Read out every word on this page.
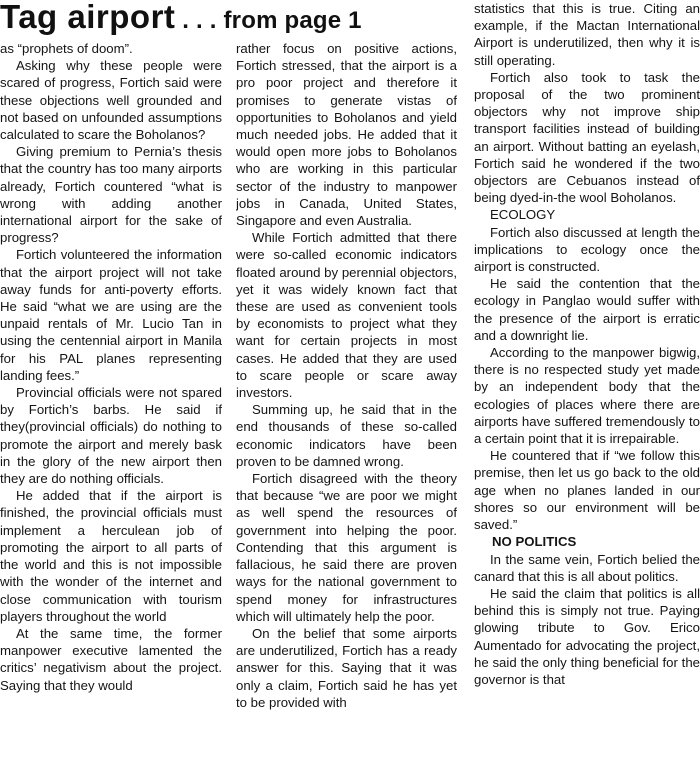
Tag airport . . . from page 1

as “prophets of doom”.

Asking why these people were scared of progress, Fortich said were these objections well grounded and not based on unfounded assumptions calculated to scare the Boholanos?

Giving premium to Pernia’s thesis that the country has too many airports already, Fortich countered “what is wrong with adding another international airport for the sake of progress?

Fortich volunteered the information that the airport project will not take away funds for anti-poverty efforts. He said “what we are using are the unpaid rentals of Mr. Lucio Tan in using the centennial airport in Manila for his PAL planes representing landing fees.”

Provincial officials were not spared by Fortich’s barbs. He said if they(provincial officials) do nothing to promote the airport and merely bask in the glory of the new airport then they are do nothing officials.

He added that if the airport is finished, the provincial officials must implement a herculean job of promoting the airport to all parts of the world and this is not impossible with the wonder of the internet and close communication with tourism players throughout the world

At the same time, the former manpower executive lamented the critics’ negativism about the project. Saying that they would

rather focus on positive actions, Fortich stressed, that the airport is a pro poor project and therefore it promises to generate vistas of opportunities to Boholanos and yield much needed jobs. He added that it would open more jobs to Boholanos who are working in this particular sector of the industry to manpower jobs in Canada, United States, Singapore and even Australia.

While Fortich admitted that there were so-called economic indicators floated around by perennial objectors, yet it was widely known fact that these are used as convenient tools by economists to project what they want for certain projects in most cases. He added that they are used to scare people or scare away investors.

Summing up, he said that in the end thousands of these so-called economic indicators have been proven to be damned wrong.

Fortich disagreed with the theory that because “we are poor we might as well spend the resources of government into helping the poor. Contending that this argument is fallacious, he said there are proven ways for the national government to spend money for infrastructures which will ultimately help the poor.

On the belief that some airports are underutilized, Fortich has a ready answer for this. Saying that it was only a claim, Fortich said he has yet to be provided with

statistics that this is true. Citing an example, if the Mactan International Airport is underutilized, then why it is still operating.

Fortich also took to task the proposal of the two prominent objectors why not improve ship transport facilities instead of building an airport. Without batting an eyelash, Fortich said he wondered if the two objectors are Cebuanos instead of being dyed-in-the wool Boholanos.

ECOLOGY

Fortich also discussed at length the implications to ecology once the airport is constructed.

He said the contention that the ecology in Panglao would suffer with the presence of the airport is erratic and a downright lie.

According to the manpower bigwig, there is no respected study yet made by an independent body that the ecologies of places where there are airports have suffered tremendously to a certain point that it is irrepairable.

He countered that if “we follow this premise, then let us go back to the old age when no planes landed in our shores so our environment will be saved.”

NO POLITICS

In the same vein, Fortich belied the canard that this is all about politics.

He said the claim that politics is all behind this is simply not true. Paying glowing tribute to Gov. Erico Aumentado for advocating the project, he said the only thing beneficial for the governor is that
